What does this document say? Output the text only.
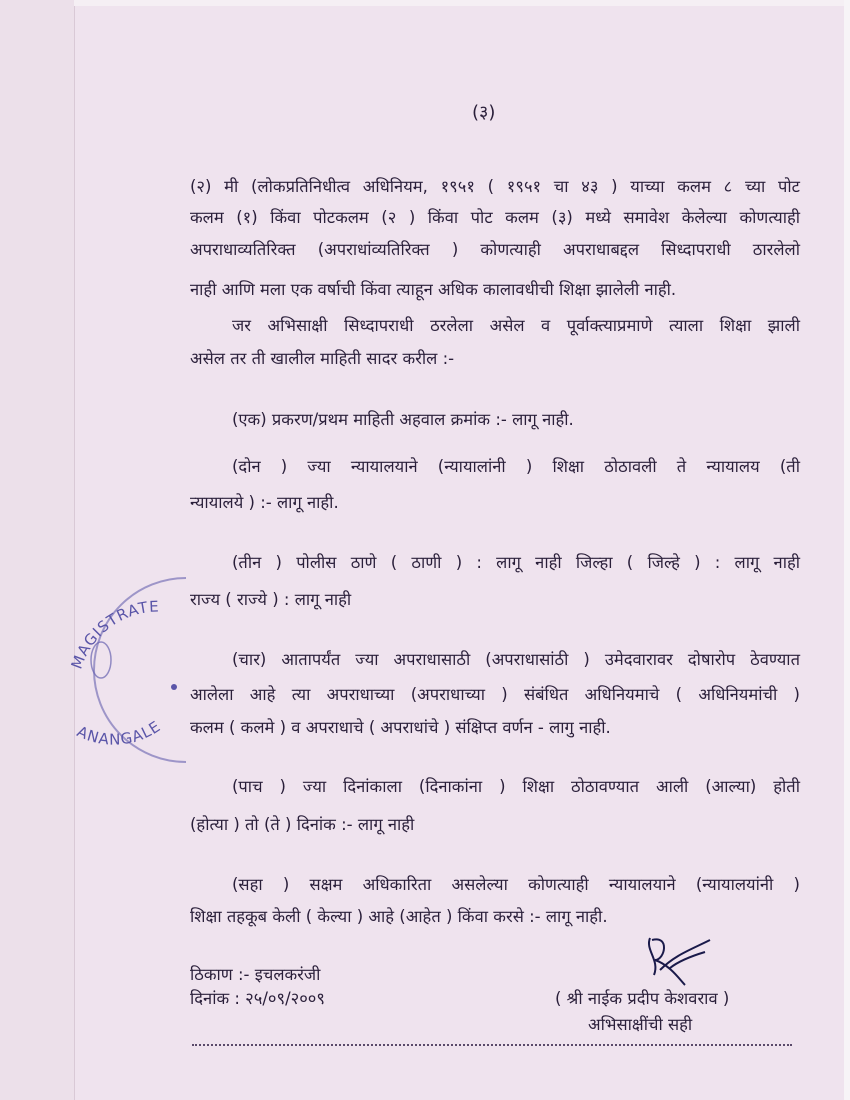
(३)
(२) मी (लोकप्रतिनिधीत्व अधिनियम, १९५१ ( १९५१ चा ४३ ) याच्या कलम ८ च्या पोट
कलम (१) किंवा पोटकलम (२ ) किंवा पोट कलम (३) मध्ये समावेश केलेल्या कोणत्याही
अपराधाव्यतिरिक्त (अपराधांव्यतिरिक्त ) कोणत्याही अपराधाबद्दल सिध्दापराधी ठारलेलो
नाही आणि मला एक वर्षाची किंवा त्याहून अधिक कालावधीची शिक्षा झालेली नाही.
जर अभिसाक्षी सिध्दापराधी ठरलेला असेल व पूर्वाक्त्याप्रमाणे त्याला शिक्षा झाली
असेल तर ती खालील माहिती सादर करील :-
(एक) प्रकरण/प्रथम माहिती अहवाल क्रमांक :- लागू नाही.
(दोन ) ज्या न्यायालयाने (न्यायालांनी ) शिक्षा ठोठावली ते न्यायालय (ती
न्यायालये ) :- लागू नाही.
(तीन ) पोलीस ठाणे ( ठाणी ) : लागू नाही जिल्हा ( जिल्हे ) : लागू नाही
राज्य ( राज्ये ) : लागू नाही
(चार) आतापर्यंत ज्या अपराधासाठी (अपराधासांठी ) उमेदवारावर दोषारोप ठेवण्यात
आलेला आहे त्या अपराधाच्या (अपराधाच्या ) संबंधित अधिनियमाचे ( अधिनियमांची )
कलम ( कलमे ) व अपराधाचे ( अपराधांचे ) संक्षिप्त वर्णन - लागु नाही.
(पाच ) ज्या दिनांकाला (दिनाकांना ) शिक्षा ठोठावण्यात आली (आल्या) होती
(होत्या ) तो (ते ) दिनांक :- लागू नाही
(सहा ) सक्षम अधिकारिता असलेल्या कोणत्याही न्यायालयाने (न्यायालयांनी )
शिक्षा तहकूब केली ( केल्या ) आहे (आहेत ) किंवा करसे :- लागू नाही.
ठिकाण :- इचलकरंजी
दिनांक : २५/०९/२००९	( श्री नाईक प्रदीप केशवराव )
अभिसाक्षींची सही
MAGISTRATE
ANANGALE
